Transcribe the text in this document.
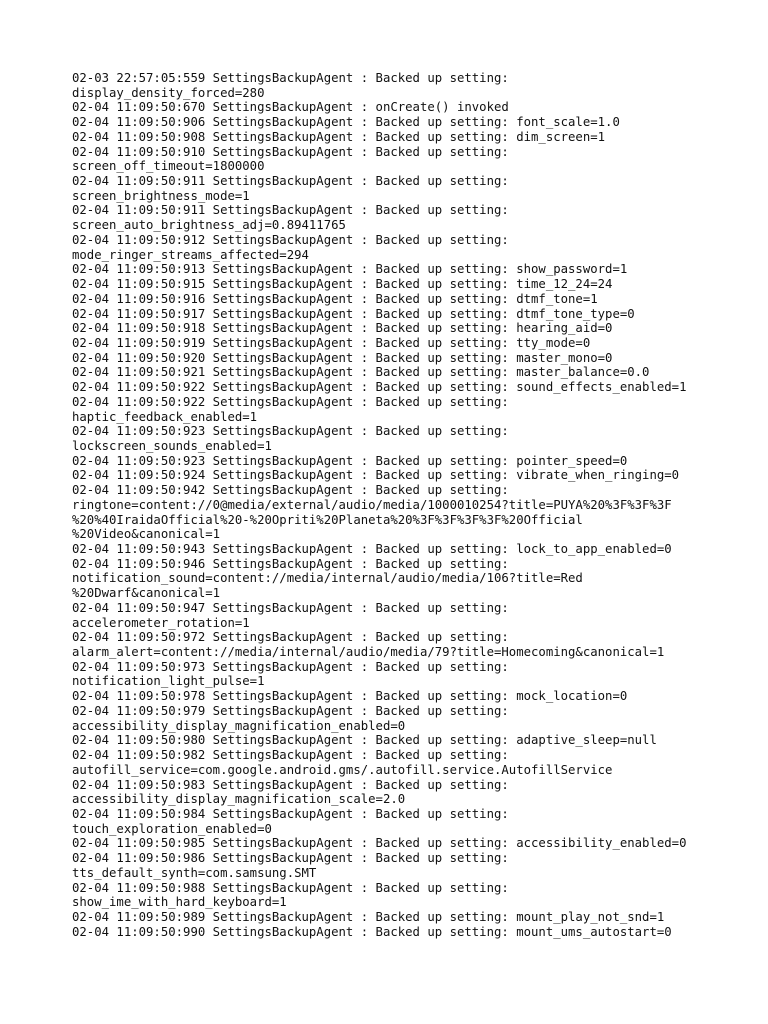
02-03 22:57:05:559 SettingsBackupAgent : Backed up setting:
display_density_forced=280
02-04 11:09:50:670 SettingsBackupAgent : onCreate() invoked
02-04 11:09:50:906 SettingsBackupAgent : Backed up setting: font_scale=1.0
02-04 11:09:50:908 SettingsBackupAgent : Backed up setting: dim_screen=1
02-04 11:09:50:910 SettingsBackupAgent : Backed up setting:
screen_off_timeout=1800000
02-04 11:09:50:911 SettingsBackupAgent : Backed up setting:
screen_brightness_mode=1
02-04 11:09:50:911 SettingsBackupAgent : Backed up setting:
screen_auto_brightness_adj=0.89411765
02-04 11:09:50:912 SettingsBackupAgent : Backed up setting:
mode_ringer_streams_affected=294
02-04 11:09:50:913 SettingsBackupAgent : Backed up setting: show_password=1
02-04 11:09:50:915 SettingsBackupAgent : Backed up setting: time_12_24=24
02-04 11:09:50:916 SettingsBackupAgent : Backed up setting: dtmf_tone=1
02-04 11:09:50:917 SettingsBackupAgent : Backed up setting: dtmf_tone_type=0
02-04 11:09:50:918 SettingsBackupAgent : Backed up setting: hearing_aid=0
02-04 11:09:50:919 SettingsBackupAgent : Backed up setting: tty_mode=0
02-04 11:09:50:920 SettingsBackupAgent : Backed up setting: master_mono=0
02-04 11:09:50:921 SettingsBackupAgent : Backed up setting: master_balance=0.0
02-04 11:09:50:922 SettingsBackupAgent : Backed up setting: sound_effects_enabled=1
02-04 11:09:50:922 SettingsBackupAgent : Backed up setting:
haptic_feedback_enabled=1
02-04 11:09:50:923 SettingsBackupAgent : Backed up setting:
lockscreen_sounds_enabled=1
02-04 11:09:50:923 SettingsBackupAgent : Backed up setting: pointer_speed=0
02-04 11:09:50:924 SettingsBackupAgent : Backed up setting: vibrate_when_ringing=0
02-04 11:09:50:942 SettingsBackupAgent : Backed up setting:
ringtone=content://0@media/external/audio/media/1000010254?title=PUYA%20%3F%3F%3F
%20%40IraidaOfficial%20-%20Opriti%20Planeta%20%3F%3F%3F%3F%20Official
%20Video&canonical=1
02-04 11:09:50:943 SettingsBackupAgent : Backed up setting: lock_to_app_enabled=0
02-04 11:09:50:946 SettingsBackupAgent : Backed up setting:
notification_sound=content://media/internal/audio/media/106?title=Red
%20Dwarf&canonical=1
02-04 11:09:50:947 SettingsBackupAgent : Backed up setting:
accelerometer_rotation=1
02-04 11:09:50:972 SettingsBackupAgent : Backed up setting:
alarm_alert=content://media/internal/audio/media/79?title=Homecoming&canonical=1
02-04 11:09:50:973 SettingsBackupAgent : Backed up setting:
notification_light_pulse=1
02-04 11:09:50:978 SettingsBackupAgent : Backed up setting: mock_location=0
02-04 11:09:50:979 SettingsBackupAgent : Backed up setting:
accessibility_display_magnification_enabled=0
02-04 11:09:50:980 SettingsBackupAgent : Backed up setting: adaptive_sleep=null
02-04 11:09:50:982 SettingsBackupAgent : Backed up setting:
autofill_service=com.google.android.gms/.autofill.service.AutofillService
02-04 11:09:50:983 SettingsBackupAgent : Backed up setting:
accessibility_display_magnification_scale=2.0
02-04 11:09:50:984 SettingsBackupAgent : Backed up setting:
touch_exploration_enabled=0
02-04 11:09:50:985 SettingsBackupAgent : Backed up setting: accessibility_enabled=0
02-04 11:09:50:986 SettingsBackupAgent : Backed up setting:
tts_default_synth=com.samsung.SMT
02-04 11:09:50:988 SettingsBackupAgent : Backed up setting:
show_ime_with_hard_keyboard=1
02-04 11:09:50:989 SettingsBackupAgent : Backed up setting: mount_play_not_snd=1
02-04 11:09:50:990 SettingsBackupAgent : Backed up setting: mount_ums_autostart=0
